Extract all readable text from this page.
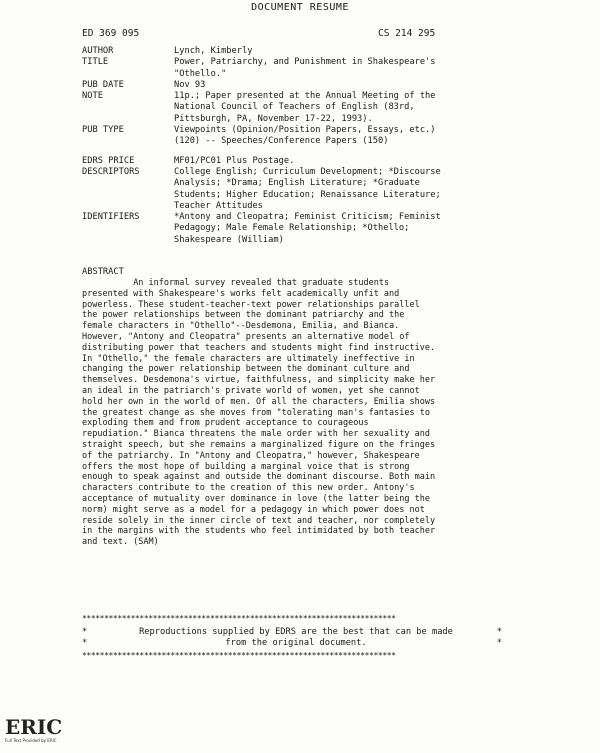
DOCUMENT RESUME
ED 369 095	CS 214 295
AUTHOR	Lynch, Kimberly
TITLE	Power, Patriarchy, and Punishment in Shakespeare's
"Othello."
PUB DATE	Nov 93
NOTE	11p.; Paper presented at the Annual Meeting of the
National Council of Teachers of English (83rd,
Pittsburgh, PA, November 17-22, 1993).
PUB TYPE	Viewpoints (Opinion/Position Papers, Essays, etc.)
(120) -- Speeches/Conference Papers (150)
EDRS PRICE	MF01/PC01 Plus Postage.
DESCRIPTORS	College English; Curriculum Development; *Discourse
Analysis; *Drama; English Literature; *Graduate
Students; Higher Education; Renaissance Literature;
Teacher Attitudes
IDENTIFIERS	*Antony and Cleopatra; Feminist Criticism; Feminist
Pedagogy; Male Female Relationship; *Othello;
Shakespeare (William)
ABSTRACT
An informal survey revealed that graduate students
presented with Shakespeare's works felt academically unfit and
powerless. These student-teacher-text power relationships parallel
the power relationships between the dominant patriarchy and the
female characters in "Othello"--Desdemona, Emilia, and Bianca.
However, "Antony and Cleopatra" presents an alternative model of
distributing power that teachers and students might find instructive.
In "Othello," the female characters are ultimately ineffective in
changing the power relationship between the dominant culture and
themselves. Desdemona's virtue, faithfulness, and simplicity make her
an ideal in the patriarch's private world of women, yet she cannot
hold her own in the world of men. Of all the characters, Emilia shows
the greatest change as she moves from "tolerating man's fantasies to
exploding them and from prudent acceptance to courageous
repudiation." Bianca threatens the male order with her sexuality and
straight speech, but she remains a marginalized figure on the fringes
of the patriarchy. In "Antony and Cleopatra," however, Shakespeare
offers the most hope of building a marginal voice that is strong
enough to speak against and outside the dominant discourse. Both main
characters contribute to the creation of this new order. Antony's
acceptance of mutuality over dominance in love (the latter being the
norm) might serve as a model for a pedagogy in which power does not
reside solely in the inner circle of text and teacher, nor completely
in the margins with the students who feel intimidated by both teacher
and text. (SAM)
***********************************************************************
*	Reproductions supplied by EDRS are the best that can be made	*
*	from the original document.	*
***********************************************************************
ERIC
Full Text Provided by ERIC
